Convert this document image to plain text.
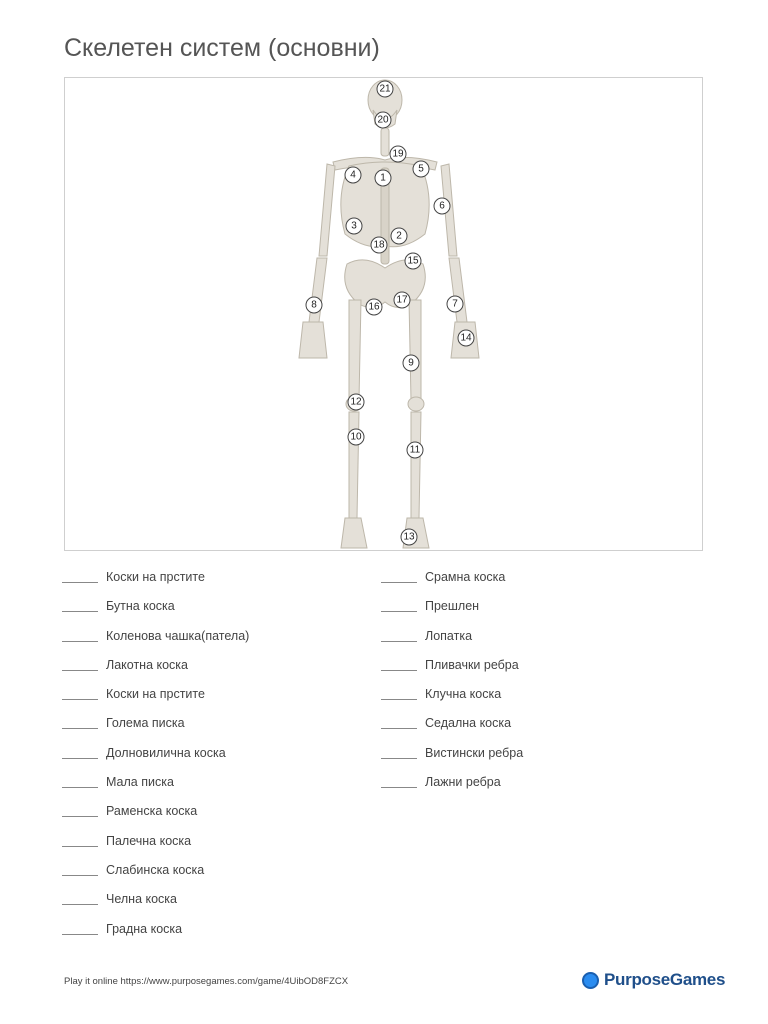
Скелетен систем (основни)
1
2
3
4
5
6
7
8
9
10
11
12
13
14
15
16
17
18
19
20
21
Коски на прстите
Бутна коска
Коленова чашка(патела)
Лакотна коска
Коски на прстите
Голема писка
Долновилична коска
Мала писка
Раменска коска
Палечна коска
Слабинска коска
Челна коска
Градна коска
Срамна коска
Прешлен
Лопатка
Пливачки ребра
Клучна коска
Седална коска
Вистински ребра
Лажни ребра
Play it online https://www.purposegames.com/game/4UibOD8FZCX	PurposeGames
